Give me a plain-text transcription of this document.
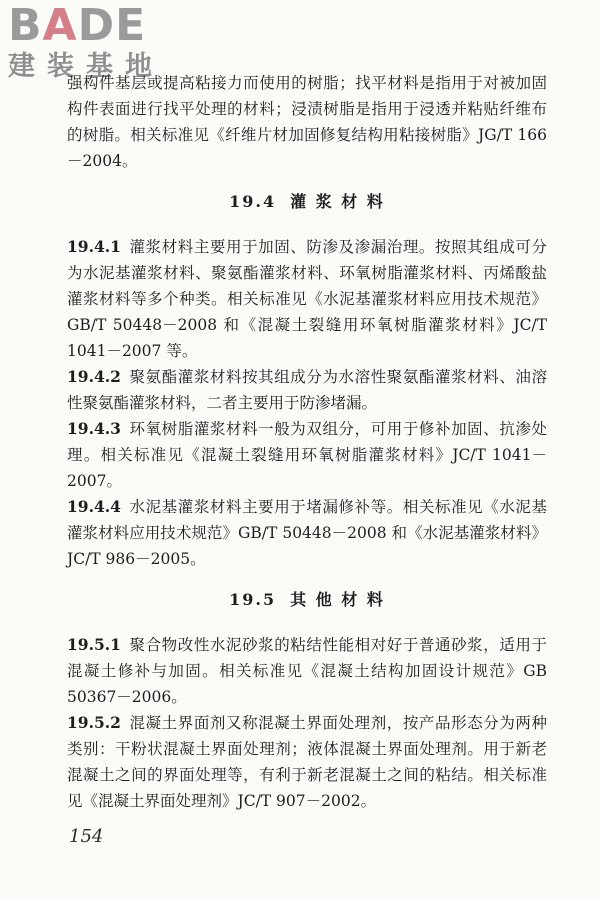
BADE
建装基地

强构件基层或提高粘接力而使用的树脂；找平材料是指用于对被加固构件表面进行找平处理的材料；浸渍树脂是指用于浸透并粘贴纤维布的树脂。相关标准见《纤维片材加固修复结构用粘接树脂》JG/T 166－2004。

19.4 灌 浆 材 料

19.4.1 灌浆材料主要用于加固、防渗及渗漏治理。按照其组成可分为水泥基灌浆材料、聚氨酯灌浆材料、环氧树脂灌浆材料、丙烯酸盐灌浆材料等多个种类。相关标准见《水泥基灌浆材料应用技术规范》GB/T 50448－2008 和《混凝土裂缝用环氧树脂灌浆材料》JC/T 1041－2007 等。

19.4.2 聚氨酯灌浆材料按其组成分为水溶性聚氨酯灌浆材料、油溶性聚氨酯灌浆材料，二者主要用于防渗堵漏。

19.4.3 环氧树脂灌浆材料一般为双组分，可用于修补加固、抗渗处理。相关标准见《混凝土裂缝用环氧树脂灌浆材料》JC/T 1041－2007。

19.4.4 水泥基灌浆材料主要用于堵漏修补等。相关标准见《水泥基灌浆材料应用技术规范》GB/T 50448－2008 和《水泥基灌浆材料》JC/T 986－2005。

19.5 其 他 材 料

19.5.1 聚合物改性水泥砂浆的粘结性能相对好于普通砂浆，适用于混凝土修补与加固。相关标准见《混凝土结构加固设计规范》GB 50367－2006。

19.5.2 混凝土界面剂又称混凝土界面处理剂，按产品形态分为两种类别：干粉状混凝土界面处理剂；液体混凝土界面处理剂。用于新老混凝土之间的界面处理等，有利于新老混凝土之间的粘结。相关标准见《混凝土界面处理剂》JC/T 907－2002。

154
